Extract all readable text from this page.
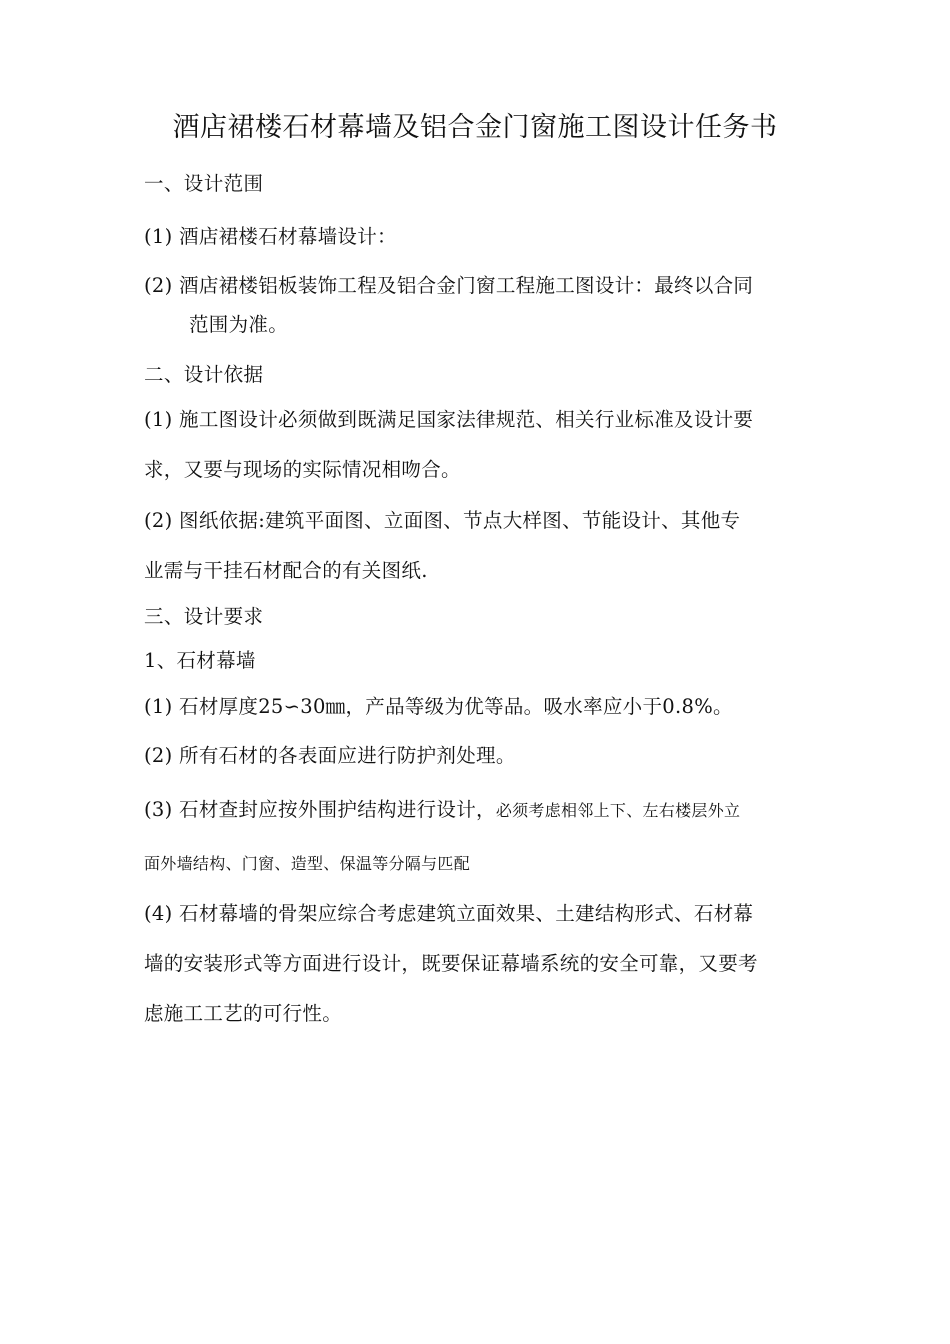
酒店裙楼石材幕墙及铝合金门窗施工图设计任务书
一、设计范围
(1) 酒店裙楼石材幕墙设计：
(2) 酒店裙楼铝板装饰工程及铝合金门窗工程施工图设计：最终以合同
范围为准。
二、设计依据
(1) 施工图设计必须做到既满足国家法律规范、相关行业标准及设计要
求，又要与现场的实际情况相吻合。
(2) 图纸依据:建筑平面图、立面图、节点大样图、节能设计、其他专
业需与干挂石材配合的有关图纸.
三、设计要求
1、石材幕墙
(1) 石材厚度25∽30㎜，产品等级为优等品。吸水率应小于0.8%。
(2) 所有石材的各表面应进行防护剂处理。
(3) 石材查封应按外围护结构进行设计，必须考虑相邻上下、左右楼层外立
面外墙结构、门窗、造型、保温等分隔与匹配
(4) 石材幕墙的骨架应综合考虑建筑立面效果、土建结构形式、石材幕
墙的安装形式等方面进行设计，既要保证幕墙系统的安全可靠，又要考
虑施工工艺的可行性。
